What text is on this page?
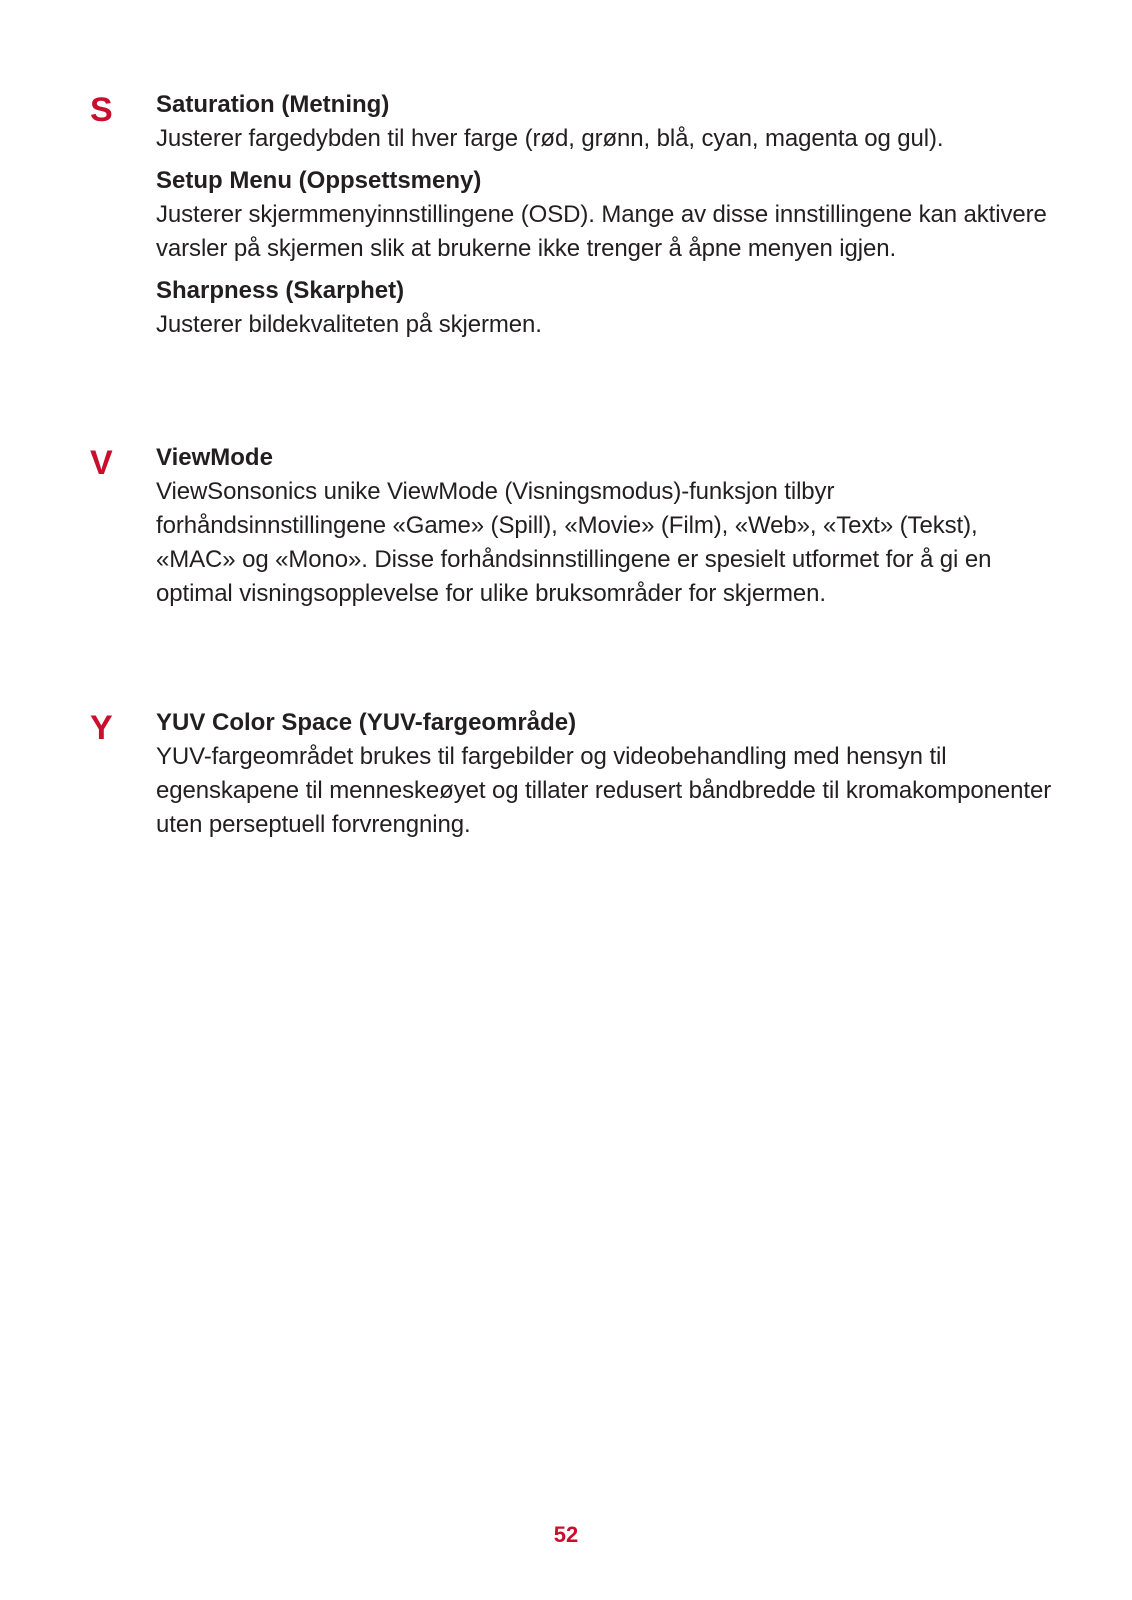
S Saturation (Metning)

Justerer fargedybden til hver farge (rød, grønn, blå, cyan, magenta og gul).

Setup Menu (Oppsettsmeny)

Justerer skjermmenyinnstillingene (OSD). Mange av disse innstillingene kan aktivere varsler på skjermen slik at brukerne ikke trenger å åpne menyen igjen.

Sharpness (Skarphet)

Justerer bildekvaliteten på skjermen.

V ViewMode

ViewSonsonics unike ViewMode (Visningsmodus)-funksjon tilbyr forhåndsinnstillingene «Game» (Spill), «Movie» (Film), «Web», «Text» (Tekst), «MAC» og «Mono». Disse forhåndsinnstillingene er spesielt utformet for å gi en optimal visningsopplevelse for ulike bruksområder for skjermen.

Y YUV Color Space (YUV-fargeområde)

YUV-fargeområdet brukes til fargebilder og videobehandling med hensyn til egenskapene til menneskeøyet og tillater redusert båndbredde til kromakomponenter uten perseptuell forvrengning.

52
